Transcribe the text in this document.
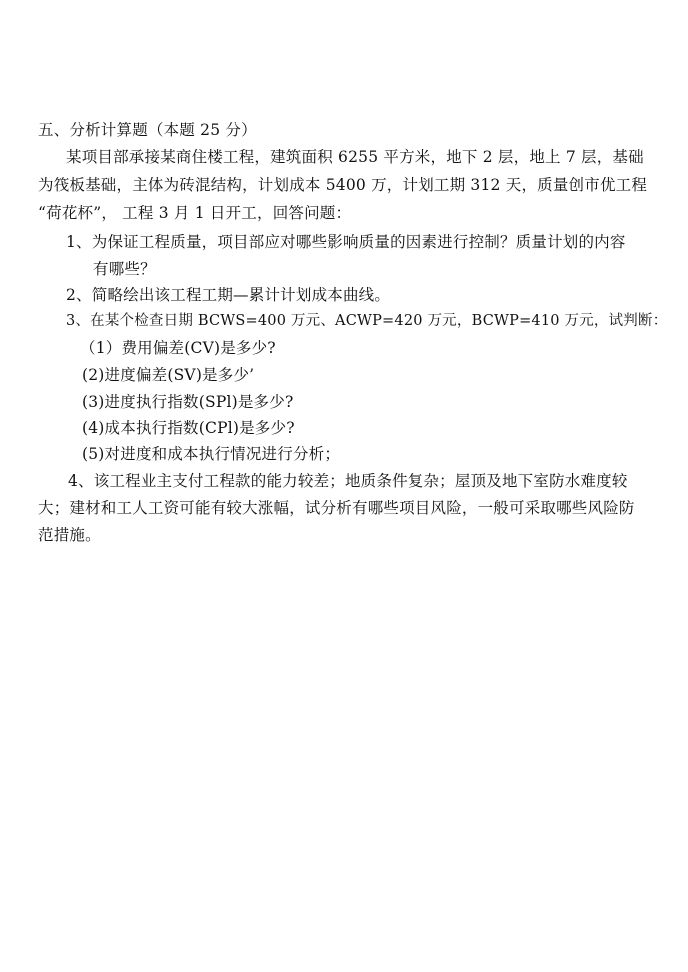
五、分析计算题（本题 25 分）
某项目部承接某商住楼工程，建筑面积 6255 平方米，地下 2 层，地上 7 层，基础
为筏板基础，主体为砖混结构，计划成本 5400 万，计划工期 312 天，质量创市优工程
“荷花杯”， 工程 3 月 1 日开工，回答问题：
1、为保证工程质量，项目部应对哪些影响质量的因素进行控制？质量计划的内容
有哪些？
2、简略绘出该工程工期—累计计划成本曲线。
3、在某个检查日期 BCWS=400 万元、ACWP=420 万元，BCWP=410 万元，试判断：
（1）费用偏差(CV)是多少?
(2)进度偏差(SV)是多少’
(3)进度执行指数(SPl)是多少?
(4)成本执行指数(CPl)是多少?
(5)对进度和成本执行情况进行分析；
4、该工程业主支付工程款的能力较差；地质条件复杂；屋顶及地下室防水难度较
大；建材和工人工资可能有较大涨幅，试分析有哪些项目风险，一般可采取哪些风险防
范措施。
